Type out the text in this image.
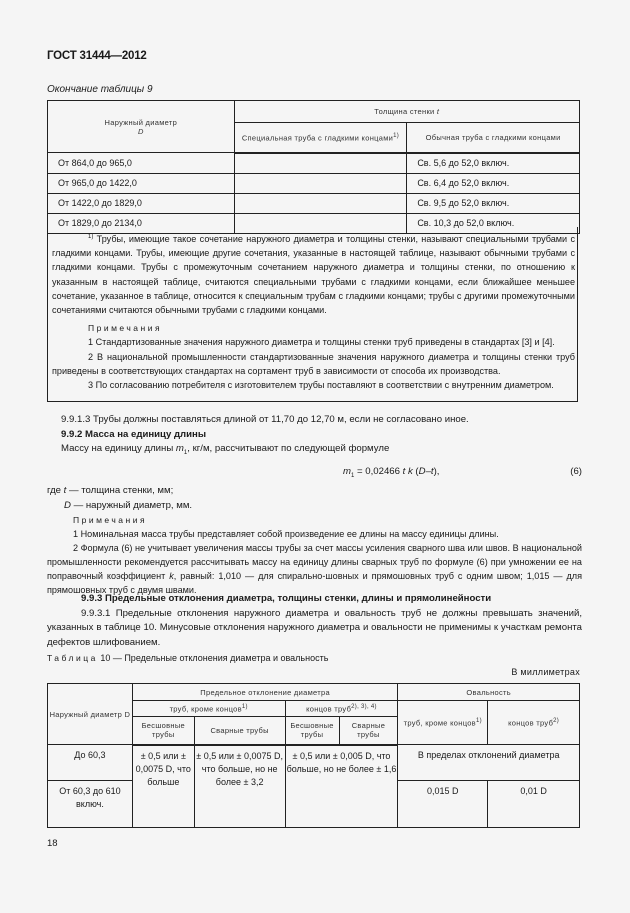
ГОСТ 31444—2012
Окончание таблицы 9
Наружный диаметр
D	Толщина стенки t	
	Специальная труба с гладкими концами$^{1)}$	Обычная труба с гладкими концами
От 864,0 до 965,0		Св. 5,6 до 52,0 включ.
От 965,0 до 1422,0		Св. 6,4 до 52,0 включ.
От 1422,0 до 1829,0		Св. 9,5 до 52,0 включ.
От 1829,0 до 2134,0		Св. 10,3 до 52,0 включ.

$^{1)}$ Трубы, имеющие такое сочетание наружного диаметра и толщины стенки, называют специальными трубами с гладкими концами. Трубы, имеющие другие сочетания, указанные в настоящей таблице, называют обычными трубами с гладкими концами. Трубы с промежуточным сочетанием наружного диаметра и толщины стенки, по отношению к указанным в настоящей таблице, считаются специальными трубами с гладкими концами, если ближайшее меньшее сочетание, указанное в таблице, относится к специальным трубам с гладкими концами; трубы с другими промежуточными сочетаниями считаются обычными трубами с гладкими концами.

Примечания

1 Стандартизованные значения наружного диаметра и толщины стенки труб приведены в стандартах [3] и [4].

2 В национальной промышленности стандартизованные значения наружного диаметра и толщины стенки труб приведены в соответствующих стандартах на сортамент труб в зависимости от способа их производства.

3 По согласованию потребителя с изготовителем трубы поставляют в соответствии с внутренним диаметром.

9.9.1.3 Трубы должны поставляться длиной от 11,70 до 12,70 м, если не согласовано иное.

9.9.2 Масса на единицу длины

Массу на единицу длины $m_1$, кг/м, рассчитывают по следующей формуле

$m_1 = 0,02466$ t k (D–t),	(6)

где t — толщина стенки, мм;

D — наружный диаметр, мм.

Примечания

1 Номинальная масса трубы представляет собой произведение ее длины на массу единицы длины.

2 Формула (6) не учитывает увеличения массы трубы за счет массы усиления сварного шва или швов. В национальной промышленности рекомендуется рассчитывать массу на единицу длины сварных труб по формуле (6) при умножении ее на поправочный коэффициент k, равный: 1,010 — для спирально-шовных и прямошовных труб с одним швом; 1,015 — для прямошовных труб с двумя швами.

9.9.3 Предельные отклонения диаметра, толщины стенки, длины и прямолинейности

9.9.3.1 Предельные отклонения наружного диаметра и овальность труб не должны превышать значений, указанных в таблице 10. Минусовые отклонения наружного диаметра и овальности не применимы к участкам ремонта дефектов шлифованием.

Таблица 10 — Предельные отклонения диаметра и овальность
В миллиметрах
Наружный диаметр D	Предельное отклонение диаметра				Овальность	
	труб, кроме концов$^{1)}$		концов труб$^{2), 3), 4)}$		труб, кроме концов$^{1)}$	концов труб$^{2)}$
	Бесшовные трубы	Сварные трубы	Бесшовные трубы	Сварные трубы		
До 60,3	± 0,5 или ± 0,0075 D, что больше	± 0,5 или ± 0,0075 D, что больше, но не более ± 3,2	± 0,5 или ± 0,005 D, что больше, но не более ± 1,6		В пределах отклонений диаметра	
От 60,3 до 610 включ.					0,015 D	0,01 D
18
